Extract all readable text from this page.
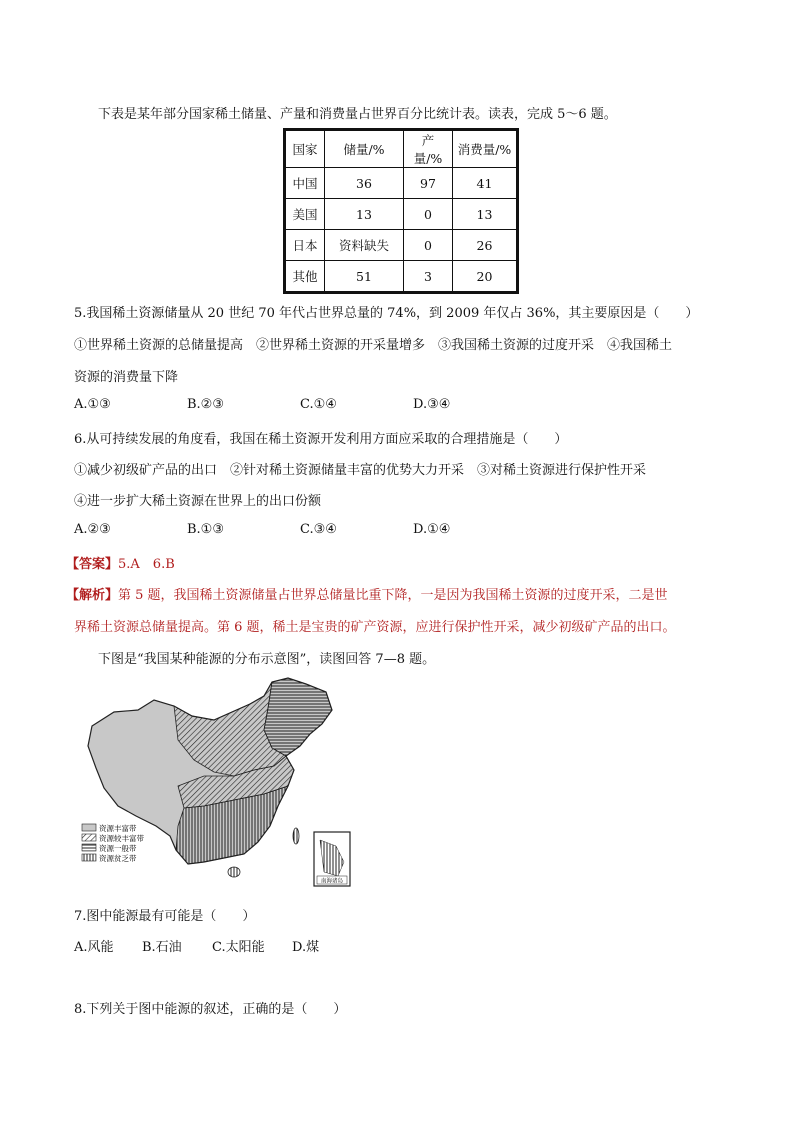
下表是某年部分国家稀土储量、产量和消费量占世界百分比统计表。读表，完成 5～6 题。
国家	储量/%	产量/%	消费量/%
中国	36	97	41
美国	13	0	13
日本	资料缺失	0	26
其他	51	3	20
5.我国稀土资源储量从 20 世纪 70 年代占世界总量的 74%，到 2009 年仅占 36%，其主要原因是（　　）
①世界稀土资源的总储量提高　②世界稀土资源的开采量增多　③我国稀土资源的过度开采　④我国稀土
资源的消费量下降
A.①③	B.②③	C.①④	D.③④
6.从可持续发展的角度看，我国在稀土资源开发利用方面应采取的合理措施是（　　）
①减少初级矿产品的出口　②针对稀土资源储量丰富的优势大力开采　③对稀土资源进行保护性开采
④进一步扩大稀土资源在世界上的出口份额
A.②③	B.①③	C.③④	D.①④
【答案】5.A　6.B
【解析】第 5 题，我国稀土资源储量占世界总储量比重下降，一是因为我国稀土资源的过度开采，二是世
界稀土资源总储量提高。第 6 题，稀土是宝贵的矿产资源，应进行保护性开采，减少初级矿产品的出口。
下图是“我国某种能源的分布示意图”，读图回答 7—8 题。
资源丰富带
资源较丰富带
资源一般带
资源贫乏带
南海诸岛
7.图中能源最有可能是（　　）
A.风能 B.石油 C.太阳能 D.煤
8.下列关于图中能源的叙述，正确的是（　　）
